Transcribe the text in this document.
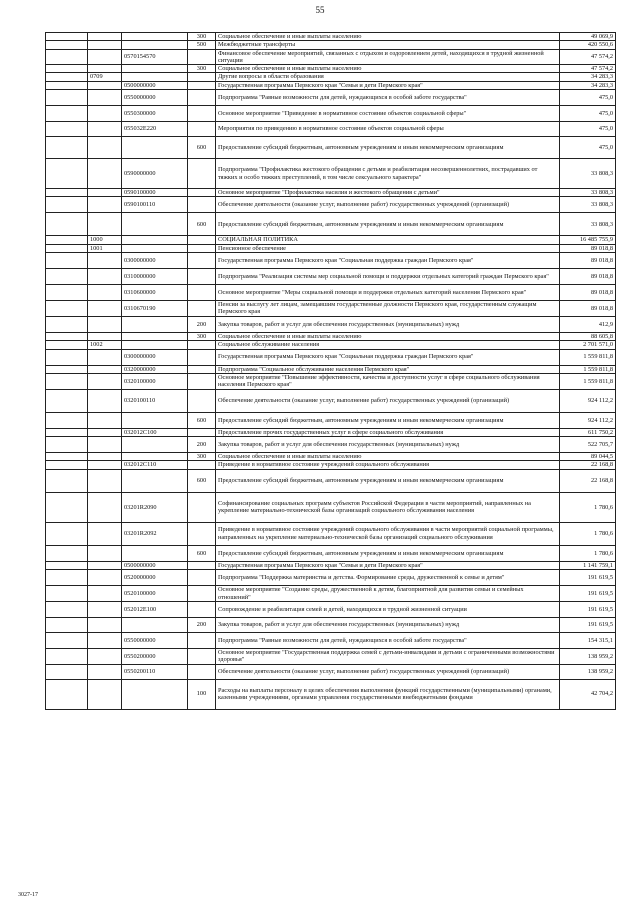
55
			300	Социальное обеспечение и иные выплаты населению	49 069,9
			500	Межбюджетные трансферты	420 550,6
		0570154570		Финансовое обеспечение мероприятий, связанных с отдыхом и оздоровлением детей, находящихся в трудной жизненной ситуации	47 574,2
			300	Социальное обеспечение и иные выплаты населению	47 574,2
	0709			Другие вопросы в области образования	34 283,3
		0500000000		Государственная программа Пермского края "Семья и дети Пермского края"	34 283,3
		0550000000		Подпрограмма "Равные возможности для детей, нуждающихся в особой заботе государства"	475,0
		0550300000		Основное мероприятие "Приведение в нормативное состояние объектов социальной сферы"	475,0
		055032Е220		Мероприятия по приведению в нормативное состояние объектов социальной сферы	475,0
			600	Предоставление субсидий бюджетным, автономным учреждениям и иным некоммерческим организациям	475,0
		0590000000		Подпрограмма "Профилактика жестокого обращения с детьми и реабилитация несовершеннолетних, пострадавших от тяжких и особо тяжких преступлений, в том числе сексуального характера"	33 808,3
		0590100000		Основное мероприятие "Профилактика насилия и жестокого обращения с детьми"	33 808,3
		0590100110		Обеспечение деятельности (оказание услуг, выполнение работ) государственных учреждений (организаций)	33 808,3
			600	Предоставление субсидий бюджетным, автономным учреждениям и иным некоммерческим организациям	33 808,3
	1000			СОЦИАЛЬНАЯ ПОЛИТИКА	16 485 755,9
	1001			Пенсионное обеспечение	89 018,8
		0300000000		Государственная программа Пермского края "Социальная поддержка граждан Пермского края"	89 018,8
		0310000000		Подпрограмма "Реализация системы мер социальной помощи и поддержки отдельных категорий граждан Пермского края"	89 018,8
		0310600000		Основное мероприятие "Меры социальной помощи и поддержки отдельных категорий населения Пермского края"	89 018,8
		0310670190		Пенсии за выслугу лет лицам, замещавшим государственные должности Пермского края, государственным служащим Пермского края	89 018,8
			200	Закупка товаров, работ и услуг для обеспечения государственных (муниципальных) нужд	412,9
			300	Социальное обеспечение и иные выплаты населению	88 605,8
	1002			Социальное обслуживание населения	2 701 571,0
		0300000000		Государственная программа Пермского края "Социальная поддержка граждан Пермского края"	1 559 811,8
		0320000000		Подпрограмма "Социальное обслуживание населения Пермского края"	1 559 811,8
		0320100000		Основное мероприятие "Повышение эффективности, качества и доступности услуг в сфере социального обслуживания населения Пермского края"	1 559 811,8
		0320100110		Обеспечение деятельности (оказание услуг, выполнение работ) государственных учреждений (организаций)	924 112,2
			600	Предоставление субсидий бюджетным, автономным учреждениям и иным некоммерческим организациям	924 112,2
		032012С100		Предоставление прочих государственных услуг в сфере социального обслуживания	611 750,2
			200	Закупка товаров, работ и услуг для обеспечения государственных (муниципальных) нужд	522 705,7
			300	Социальное обеспечение и иные выплаты населению	89 044,5
		032012С110		Приведение в нормативное состояние учреждений социального обслуживания	22 168,8
			600	Предоставление субсидий бюджетным, автономным учреждениям и иным некоммерческим организациям	22 168,8
		03201R2090		Софинансирование социальных программ субъектов Российской Федерации в части мероприятий, направленных на укрепление материально-технической базы организаций социального обслуживания населения	1 780,6
		03201R2092		Приведение в нормативное состояние учреждений социального обслуживания в части мероприятий социальной программы, направленных на укрепление материально-технической базы организаций социального обслуживания	1 780,6
			600	Предоставление субсидий бюджетным, автономным учреждениям и иным некоммерческим организациям	1 780,6
		0500000000		Государственная программа Пермского края "Семья и дети Пермского края"	1 141 759,1
		0520000000		Подпрограмма "Поддержка материнства и детства. Формирование среды, дружественной к семье и детям"	191 619,5
		0520100000		Основное мероприятие "Создание среды, дружественной к детям, благоприятной для развития семьи и семейных отношений"	191 619,5
		052012Е100		Сопровождение и реабилитация семей и детей, находящихся в трудной жизненной ситуации	191 619,5
			200	Закупка товаров, работ и услуг для обеспечения государственных (муниципальных) нужд	191 619,5
		0550000000		Подпрограмма "Равные возможности для детей, нуждающихся в особой заботе государства"	154 315,1
		0550200000		Основное мероприятие "Государственная поддержка семей с детьми-инвалидами и детьми с ограниченными возможностями здоровья"	138 959,2
		0550200110		Обеспечение деятельности (оказание услуг, выполнение работ) государственных учреждений (организаций)	138 959,2
			100	Расходы на выплаты персоналу в целях обеспечения выполнения функций государственными (муниципальными) органами, казенными учреждениями, органами управления государственными внебюджетными фондами	42 704,2
3027-17
